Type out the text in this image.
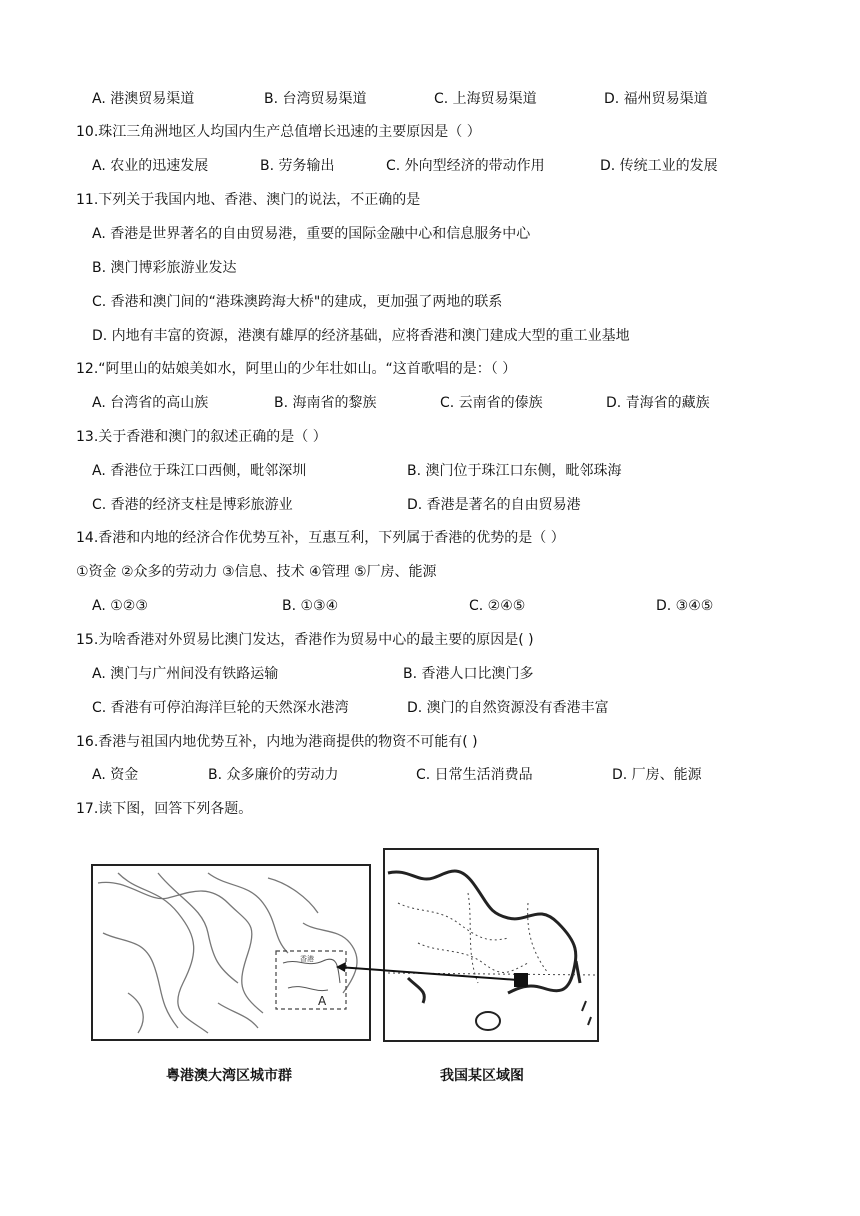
A. 港澳贸易渠道	B. 台湾贸易渠道	C. 上海贸易渠道	D. 福州贸易渠道
10.珠江三角洲地区人均国内生产总值增长迅速的主要原因是（ ）
A. 农业的迅速发展	B. 劳务输出	C. 外向型经济的带动作用	D. 传统工业的发展
11.下列关于我国内地、香港、澳门的说法，不正确的是
A. 香港是世界著名的自由贸易港，重要的国际金融中心和信息服务中心
B. 澳门博彩旅游业发达
C. 香港和澳门间的“港珠澳跨海大桥"的建成，更加强了两地的联系
D. 内地有丰富的资源，港澳有雄厚的经济基础，应将香港和澳门建成大型的重工业基地
12.“阿里山的姑娘美如水，阿里山的少年壮如山。“这首歌唱的是：（ ）
A. 台湾省的高山族	B. 海南省的黎族	C. 云南省的傣族	D. 青海省的藏族
13.关于香港和澳门的叙述正确的是（ ）
A. 香港位于珠江口西侧，毗邻深圳	B. 澳门位于珠江口东侧，毗邻珠海
C. 香港的经济支柱是博彩旅游业	D. 香港是著名的自由贸易港
14.香港和内地的经济合作优势互补，互惠互利，下列属于香港的优势的是（ ）
①资金 ②众多的劳动力 ③信息、技术 ④管理 ⑤厂房、能源
A. ①②③	B. ①③④	C. ②④⑤	D. ③④⑤
15.为啥香港对外贸易比澳门发达，香港作为贸易中心的最主要的原因是( )
A. 澳门与广州间没有铁路运输	B. 香港人口比澳门多
C. 香港有可停泊海洋巨轮的天然深水港湾	D. 澳门的自然资源没有香港丰富
16.香港与祖国内地优势互补，内地为港商提供的物资不可能有( )
A. 资金	B. 众多廉价的劳动力	C. 日常生活消费品	D. 厂房、能源
17.读下图，回答下列各题。
香港
A
粤港澳大湾区城市群	我国某区域图
